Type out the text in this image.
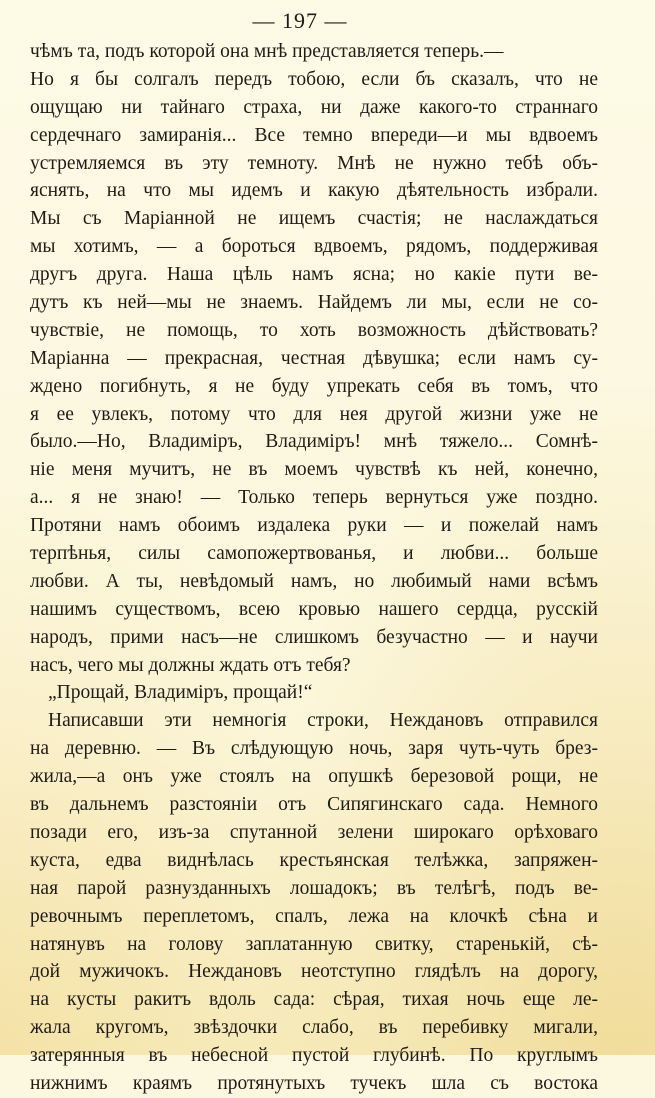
— 197 —
чѣмъ та, подъ которой она мнѣ представляется теперь.—
Но я бы солгалъ передъ тобою, если бъ сказалъ, что не
ощущаю ни тайнаго страха, ни даже какого-то страннаго
сердечнаго замиранія... Все темно впереди—и мы вдвоемъ
устремляемся въ эту темноту. Мнѣ не нужно тебѣ объ-
яснять, на что мы идемъ и какую дѣятельность избрали.
Мы съ Маріанной не ищемъ счастія; не наслаждаться
мы хотимъ, — а бороться вдвоемъ, рядомъ, поддерживая
другъ друга. Наша цѣль намъ ясна; но какіе пути ве-
дутъ къ ней—мы не знаемъ. Найдемъ ли мы, если не со-
чувствіе, не помощь, то хоть возможность дѣйствовать?
Маріанна — прекрасная, честная дѣвушка; если намъ су-
ждено погибнуть, я не буду упрекать себя въ томъ, что
я ее увлекъ, потому что для нея другой жизни уже не
было.—Но, Владиміръ, Владиміръ! мнѣ тяжело... Сомнѣ-
ніе меня мучитъ, не въ моемъ чувствѣ къ ней, конечно,
а... я не знаю! — Только теперь вернуться уже поздно.
Протяни намъ обоимъ издалека руки — и пожелай намъ
терпѣнья, силы самопожертвованья, и любви... больше
любви. А ты, невѣдомый намъ, но любимый нами всѣмъ
нашимъ существомъ, всею кровью нашего сердца, русскій
народъ, прими насъ—не слишкомъ безучастно — и научи
насъ, чего мы должны ждать отъ тебя?
„Прощай, Владиміръ, прощай!“
Написавши эти немногія строки, Неждановъ отправился
на деревню. — Въ слѣдующую ночь, заря чуть-чуть брез-
жила,—а онъ уже стоялъ на опушкѣ березовой рощи, не
въ дальнемъ разстояніи отъ Сипягинскаго сада. Немного
позади его, изъ-за спутанной зелени широкаго орѣховаго
куста, едва виднѣлась крестьянская телѣжка, запряжен-
ная парой разнузданныхъ лошадокъ; въ телѣгѣ, подъ ве-
ревочнымъ переплетомъ, спалъ, лежа на клочкѣ сѣна и
натянувъ на голову заплатанную свитку, старенькій, сѣ-
дой мужичокъ. Неждановъ неотступно глядѣлъ на дорогу,
на кусты ракитъ вдоль сада: сѣрая, тихая ночь еще ле-
жала кругомъ, звѣздочки слабо, въ перебивку мигали,
затерянныя въ небесной пустой глубинѣ. По круглымъ
нижнимъ краямъ протянутыхъ тучекъ шла съ востока
